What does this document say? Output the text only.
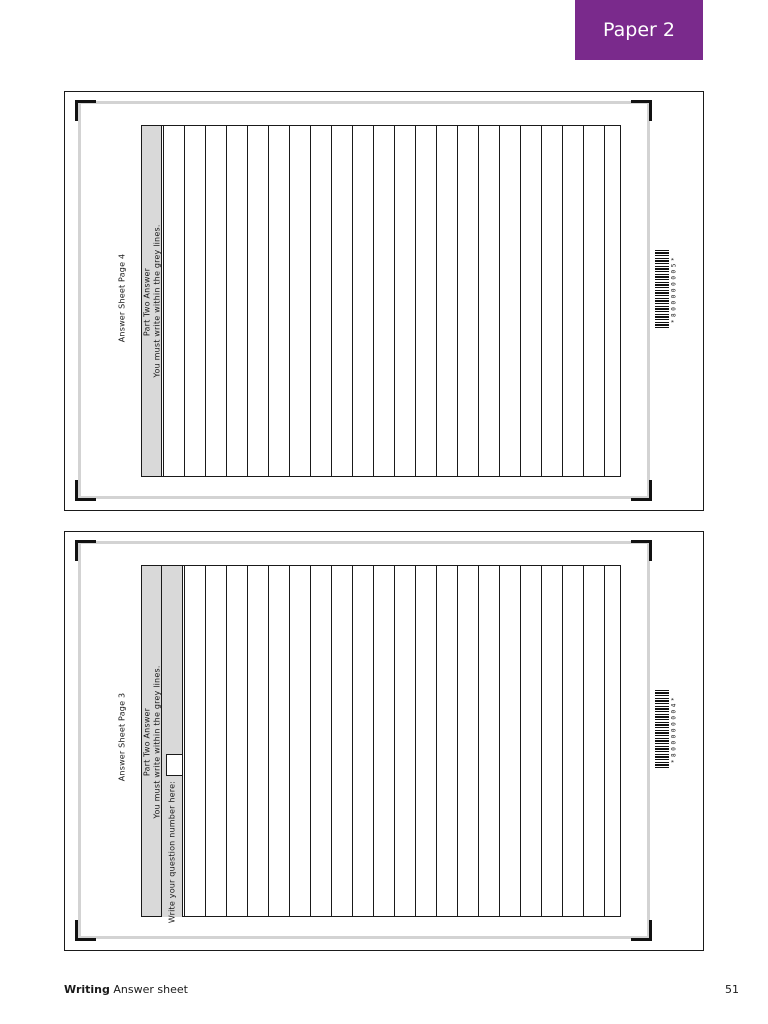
Paper 2
Answer Sheet Page 4 Part Two Answer You must write within the grey lines.	*800000005*
Answer Sheet Page 3 Part Two Answer You must write within the grey lines.
Write your question number here:
*800000004*
Writing Answer sheet	51
